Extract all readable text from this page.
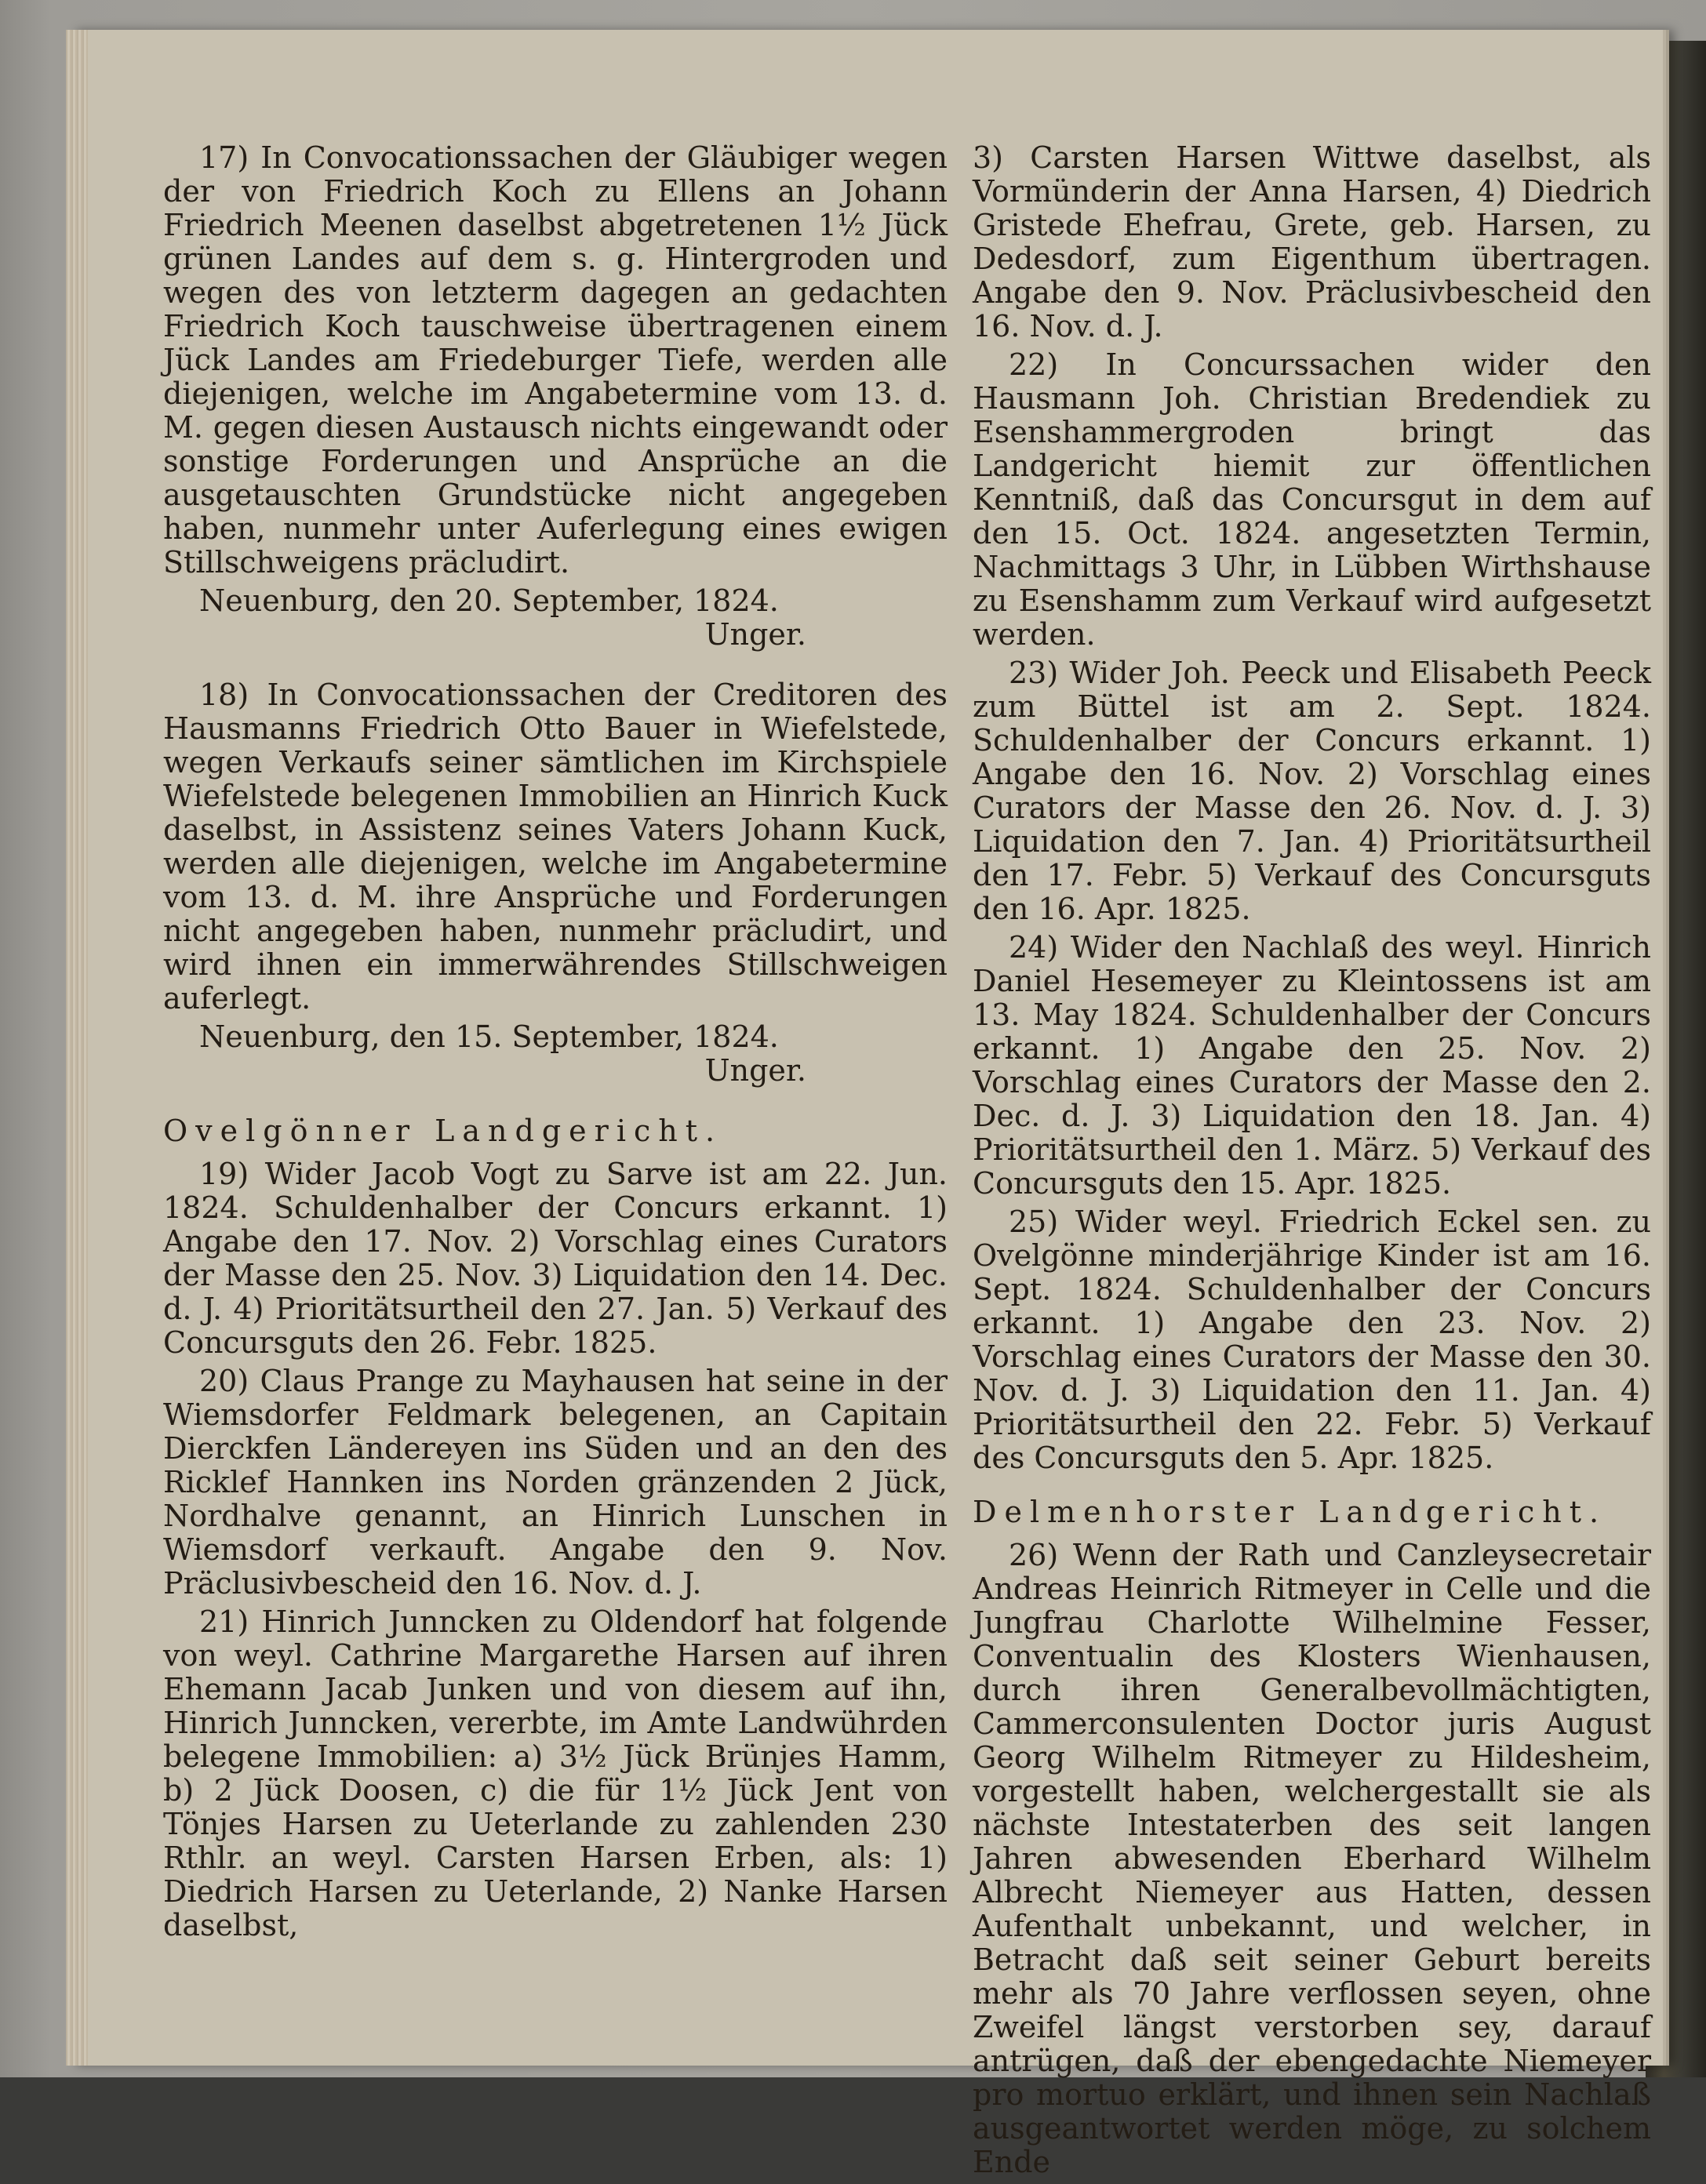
17) In Convocationssachen der Gläubiger wegen der von Friedrich Koch zu Ellens an Johann Friedrich Meenen daselbst abgetretenen 1½ Jück grünen Landes auf dem s. g. Hintergroden und wegen des von letzterm dagegen an gedachten Friedrich Koch tauschweise übertragenen einem Jück Landes am Friedeburger Tiefe, werden alle diejenigen, welche im Angabetermine vom 13. d. M. gegen diesen Austausch nichts eingewandt oder sonstige Forderungen und Ansprüche an die ausgetauschten Grundstücke nicht angegeben haben, nunmehr unter Auferlegung eines ewigen Stillschweigens präcludirt.

Neuenburg, den 20. September, 1824.

Unger.

18) In Convocationssachen der Creditoren des Hausmanns Friedrich Otto Bauer in Wiefelstede, wegen Verkaufs seiner sämtlichen im Kirchspiele Wiefelstede belegenen Immobilien an Hinrich Kuck daselbst, in Assistenz seines Vaters Johann Kuck, werden alle diejenigen, welche im Angabetermine vom 13. d. M. ihre Ansprüche und Forderungen nicht angegeben haben, nunmehr präcludirt, und wird ihnen ein immerwährendes Stillschweigen auferlegt.

Neuenburg, den 15. September, 1824.

Unger.

Ovelgönner Landgericht.

19) Wider Jacob Vogt zu Sarve ist am 22. Jun. 1824. Schuldenhalber der Concurs erkannt. 1) Angabe den 17. Nov. 2) Vorschlag eines Curators der Masse den 25. Nov. 3) Liquidation den 14. Dec. d. J. 4) Prioritätsurtheil den 27. Jan. 5) Verkauf des Concursguts den 26. Febr. 1825.

20) Claus Prange zu Mayhausen hat seine in der Wiemsdorfer Feldmark belegenen, an Capitain Dierckfen Ländereyen ins Süden und an den des Ricklef Hannken ins Norden gränzenden 2 Jück, Nordhalve genannt, an Hinrich Lunschen in Wiemsdorf verkauft. Angabe den 9. Nov. Präclusivbescheid den 16. Nov. d. J.

21) Hinrich Junncken zu Oldendorf hat folgende von weyl. Cathrine Margarethe Harsen auf ihren Ehemann Jacab Junken und von diesem auf ihn, Hinrich Junncken, vererbte, im Amte Landwührden belegene Immobilien: a) 3½ Jück Brünjes Hamm, b) 2 Jück Doosen, c) die für 1½ Jück Jent von Tönjes Harsen zu Ueterlande zu zahlenden 230 Rthlr. an weyl. Carsten Harsen Erben, als: 1) Diedrich Harsen zu Ueterlande, 2) Nanke Harsen daselbst,

3) Carsten Harsen Wittwe daselbst, als Vormünderin der Anna Harsen, 4) Diedrich Gristede Ehefrau, Grete, geb. Harsen, zu Dedesdorf, zum Eigenthum übertragen. Angabe den 9. Nov. Präclusivbescheid den 16. Nov. d. J.

22) In Concurssachen wider den Hausmann Joh. Christian Bredendiek zu Esenshammergroden bringt das Landgericht hiemit zur öffentlichen Kenntniß, daß das Concursgut in dem auf den 15. Oct. 1824. angesetzten Termin, Nachmittags 3 Uhr, in Lübben Wirthshause zu Esenshamm zum Verkauf wird aufgesetzt werden.

23) Wider Joh. Peeck und Elisabeth Peeck zum Büttel ist am 2. Sept. 1824. Schuldenhalber der Concurs erkannt. 1) Angabe den 16. Nov. 2) Vorschlag eines Curators der Masse den 26. Nov. d. J. 3) Liquidation den 7. Jan. 4) Prioritätsurtheil den 17. Febr. 5) Verkauf des Concursguts den 16. Apr. 1825.

24) Wider den Nachlaß des weyl. Hinrich Daniel Hesemeyer zu Kleintossens ist am 13. May 1824. Schuldenhalber der Concurs erkannt. 1) Angabe den 25. Nov. 2) Vorschlag eines Curators der Masse den 2. Dec. d. J. 3) Liquidation den 18. Jan. 4) Prioritätsurtheil den 1. März. 5) Verkauf des Concursguts den 15. Apr. 1825.

25) Wider weyl. Friedrich Eckel sen. zu Ovelgönne minderjährige Kinder ist am 16. Sept. 1824. Schuldenhalber der Concurs erkannt. 1) Angabe den 23. Nov. 2) Vorschlag eines Curators der Masse den 30. Nov. d. J. 3) Liquidation den 11. Jan. 4) Prioritätsurtheil den 22. Febr. 5) Verkauf des Concursguts den 5. Apr. 1825.

Delmenhorster Landgericht.

26) Wenn der Rath und Canzleysecretair Andreas Heinrich Ritmeyer in Celle und die Jungfrau Charlotte Wilhelmine Fesser, Conventualin des Klosters Wienhausen, durch ihren Generalbevollmächtigten, Cammerconsulenten Doctor juris August Georg Wilhelm Ritmeyer zu Hildesheim, vorgestellt haben, welchergestallt sie als nächste Intestaterben des seit langen Jahren abwesenden Eberhard Wilhelm Albrecht Niemeyer aus Hatten, dessen Aufenthalt unbekannt, und welcher, in Betracht daß seit seiner Geburt bereits mehr als 70 Jahre verflossen seyen, ohne Zweifel längst verstorben sey, darauf antrügen, daß der ebengedachte Niemeyer pro mortuo erklärt, und ihnen sein Nachlaß ausgeantwortet werden möge, zu solchem Ende
